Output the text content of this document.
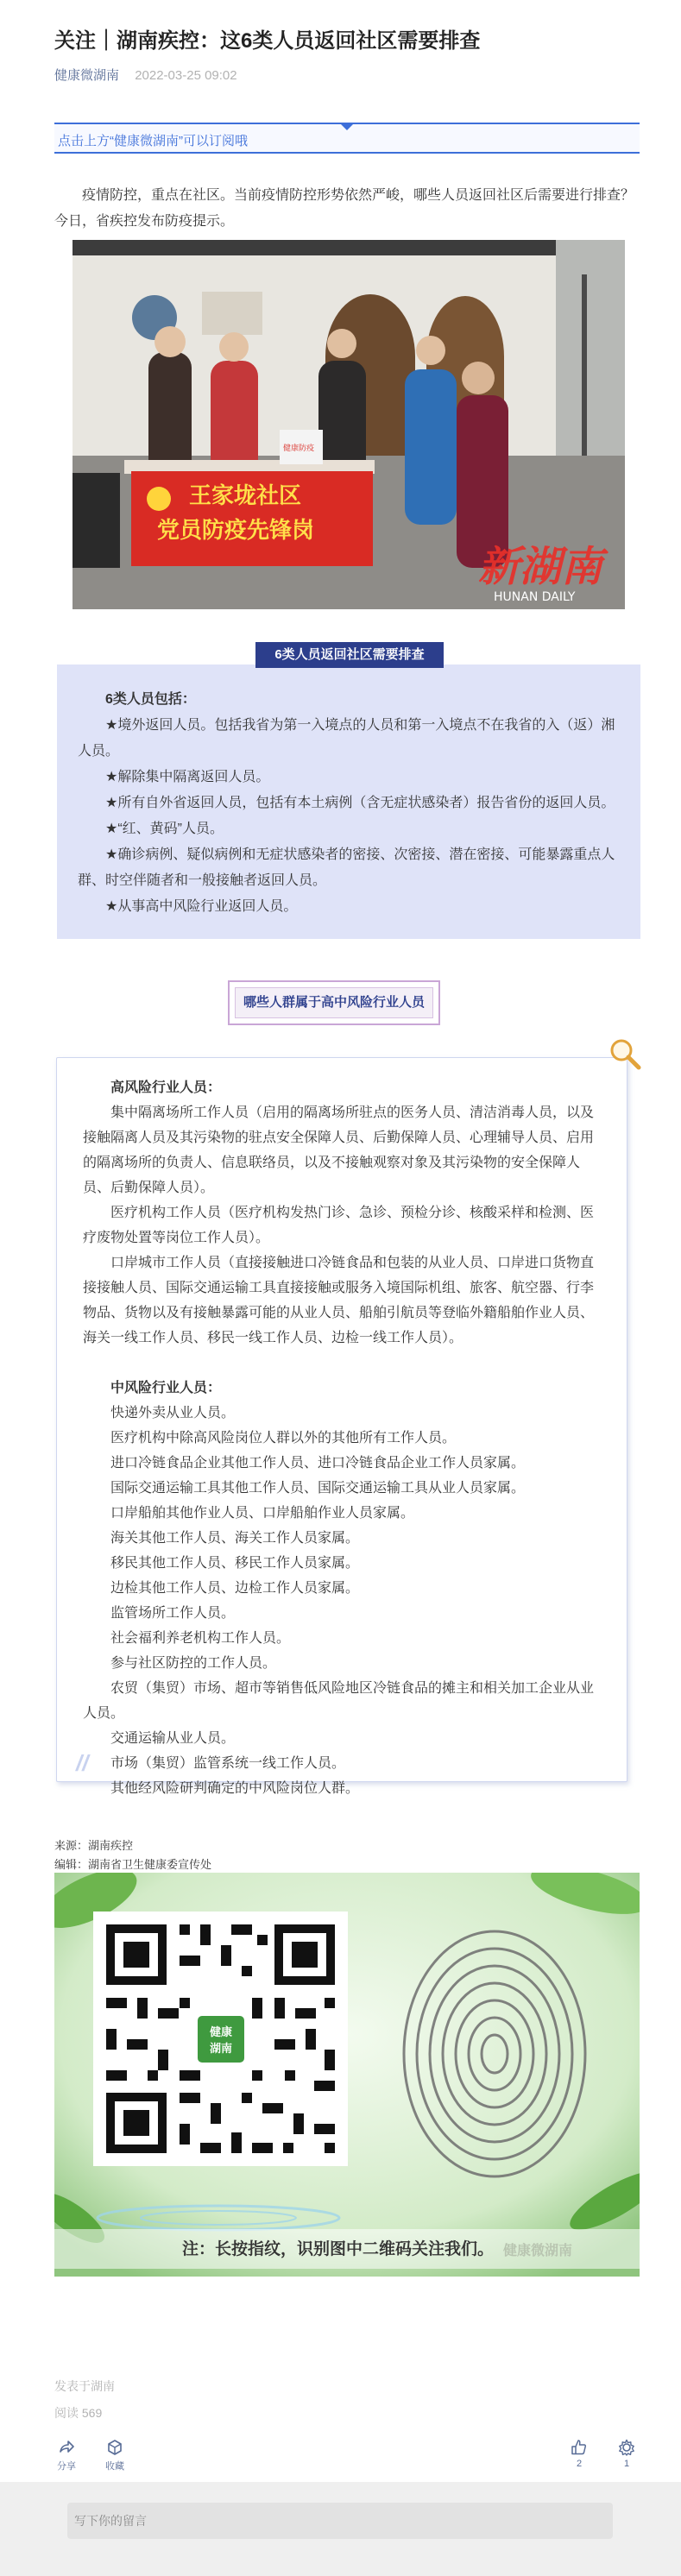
关注｜湖南疾控：这6类人员返回社区需要排查
健康微湖南 2022-03-25 09:02
点击上方“健康微湖南”可以订阅哦

疫情防控，重点在社区。当前疫情防控形势依然严峻，哪些人员返回社区后需要进行排查？今日，省疾控发布防疫提示。

王家垅社区
党员防疫先锋岗
健康防疫
新湖南
HUNAN DAILY

6类人员包括：

★境外返回人员。包括我省为第一入境点的人员和第一入境点不在我省的入（返）湘人员。

★解除集中隔离返回人员。

★所有自外省返回人员，包括有本土病例（含无症状感染者）报告省份的返回人员。

★“红、黄码”人员。

★确诊病例、疑似病例和无症状感染者的密接、次密接、潜在密接、可能暴露重点人群、时空伴随者和一般接触者返回人员。

★从事高中风险行业返回人员。

6类人员返回社区需要排查
哪些人群属于高中风险行业人员

高风险行业人员：

集中隔离场所工作人员（启用的隔离场所驻点的医务人员、清洁消毒人员，以及接触隔离人员及其污染物的驻点安全保障人员、后勤保障人员、心理辅导人员、启用的隔离场所的负责人、信息联络员，以及不接触观察对象及其污染物的安全保障人员、后勤保障人员）。

医疗机构工作人员（医疗机构发热门诊、急诊、预检分诊、核酸采样和检测、医疗废物处置等岗位工作人员）。

口岸城市工作人员（直接接触进口冷链食品和包装的从业人员、口岸进口货物直接接触人员、国际交通运输工具直接接触或服务入境国际机组、旅客、航空器、行李物品、货物以及有接触暴露可能的从业人员、船舶引航员等登临外籍船舶作业人员、海关一线工作人员、移民一线工作人员、边检一线工作人员）。

中风险行业人员：

快递外卖从业人员。

医疗机构中除高风险岗位人群以外的其他所有工作人员。

进口冷链食品企业其他工作人员、进口冷链食品企业工作人员家属。

国际交通运输工具其他工作人员、国际交通运输工具从业人员家属。

口岸船舶其他作业人员、口岸船舶作业人员家属。

海关其他工作人员、海关工作人员家属。

移民其他工作人员、移民工作人员家属。

边检其他工作人员、边检工作人员家属。

监管场所工作人员。

社会福利养老机构工作人员。

参与社区防控的工作人员。

农贸（集贸）市场、超市等销售低风险地区冷链食品的摊主和相关加工企业从业人员。

交通运输从业人员。

市场（集贸）监管系统一线工作人员。

其他经风险研判确定的中风险岗位人群。

//
来源：湖南疾控
编辑：湖南省卫生健康委宣传处
健康
湖南
注：长按指纹，识别图中二维码关注我们。 健康微湖南
发表于湖南
阅读 569
分享	收藏	2	1
写下你的留言
